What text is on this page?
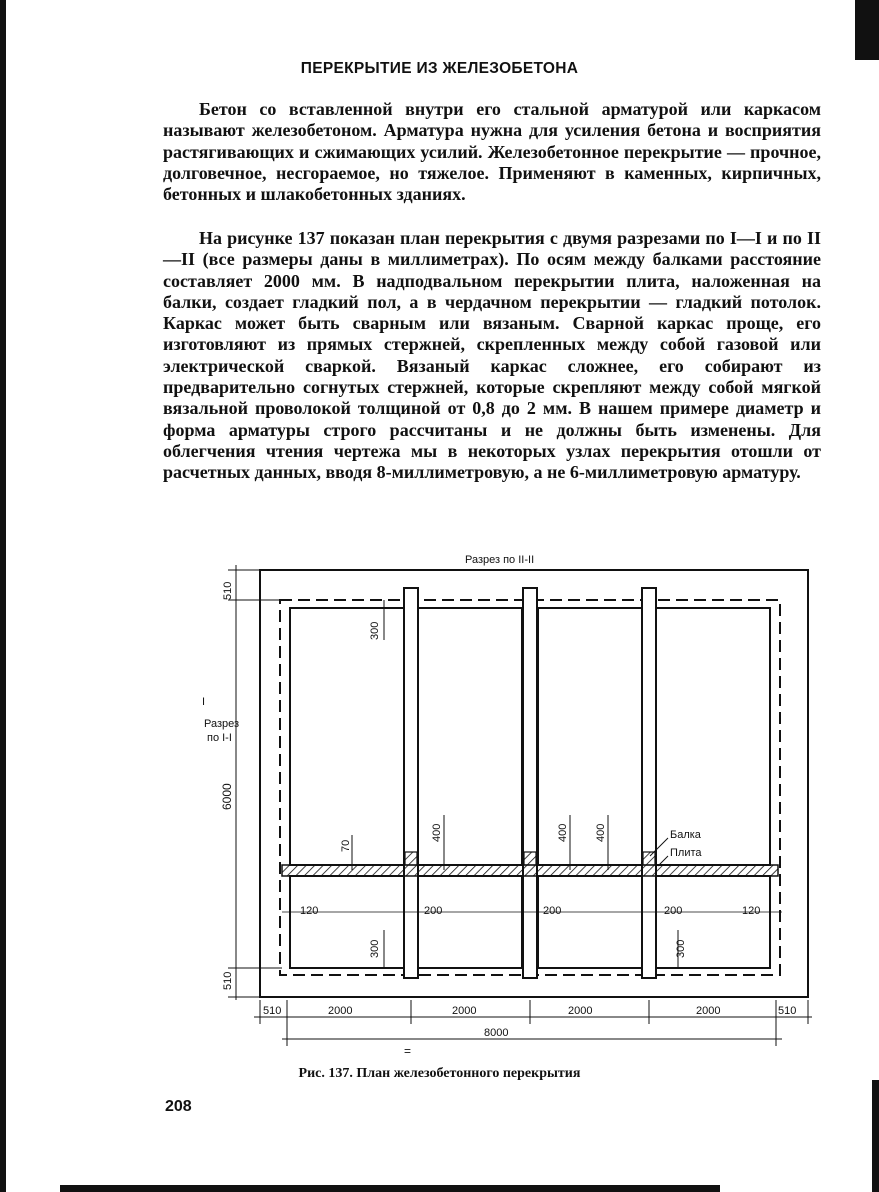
ПЕРЕКРЫТИЕ ИЗ ЖЕЛЕЗОБЕТОНА

Бетон со вставленной внутри его стальной арматурой или каркасом называют железобетоном. Арматура нужна для усиления бетона и восприятия растягивающих и сжимающих усилий. Железобетонное перекрытие — прочное, долговечное, несгораемое, но тяжелое. Применяют в каменных, кирпичных, бетонных и шлакобетонных зданиях.

На рисунке 137 показан план перекрытия с двумя разрезами по I—I и по II—II (все размеры даны в миллиметрах). По осям между балками расстояние составляет 2000 мм. В надподвальном перекрытии плита, наложенная на балки, создает гладкий пол, а в чердачном перекрытии — гладкий потолок. Каркас может быть сварным или вязаным. Сварной каркас проще, его изготовляют из прямых стержней, скрепленных между собой газовой или электрической сваркой. Вязаный каркас сложнее, его собирают из предварительно согнутых стержней, которые скрепляют между собой мягкой вязальной проволокой толщиной от 0,8 до 2 мм. В нашем примере диаметр и форма арматуры строго рассчитаны и не должны быть изменены. Для облегчения чтения чертежа мы в некоторых узлах перекрытия отошли от расчетных данных, вводя 8-миллиметровую, а не 6-миллиметровую арматуру.

Разрез по II-II
510
6000
510
I
Разрез
по I-I
300
70
400	400 400	Балка
Плита
120	200	200	200	120
300	300
510	2000	2000	2000	2000	510
8000
=
Рис. 137. План железобетонного перекрытия
208
